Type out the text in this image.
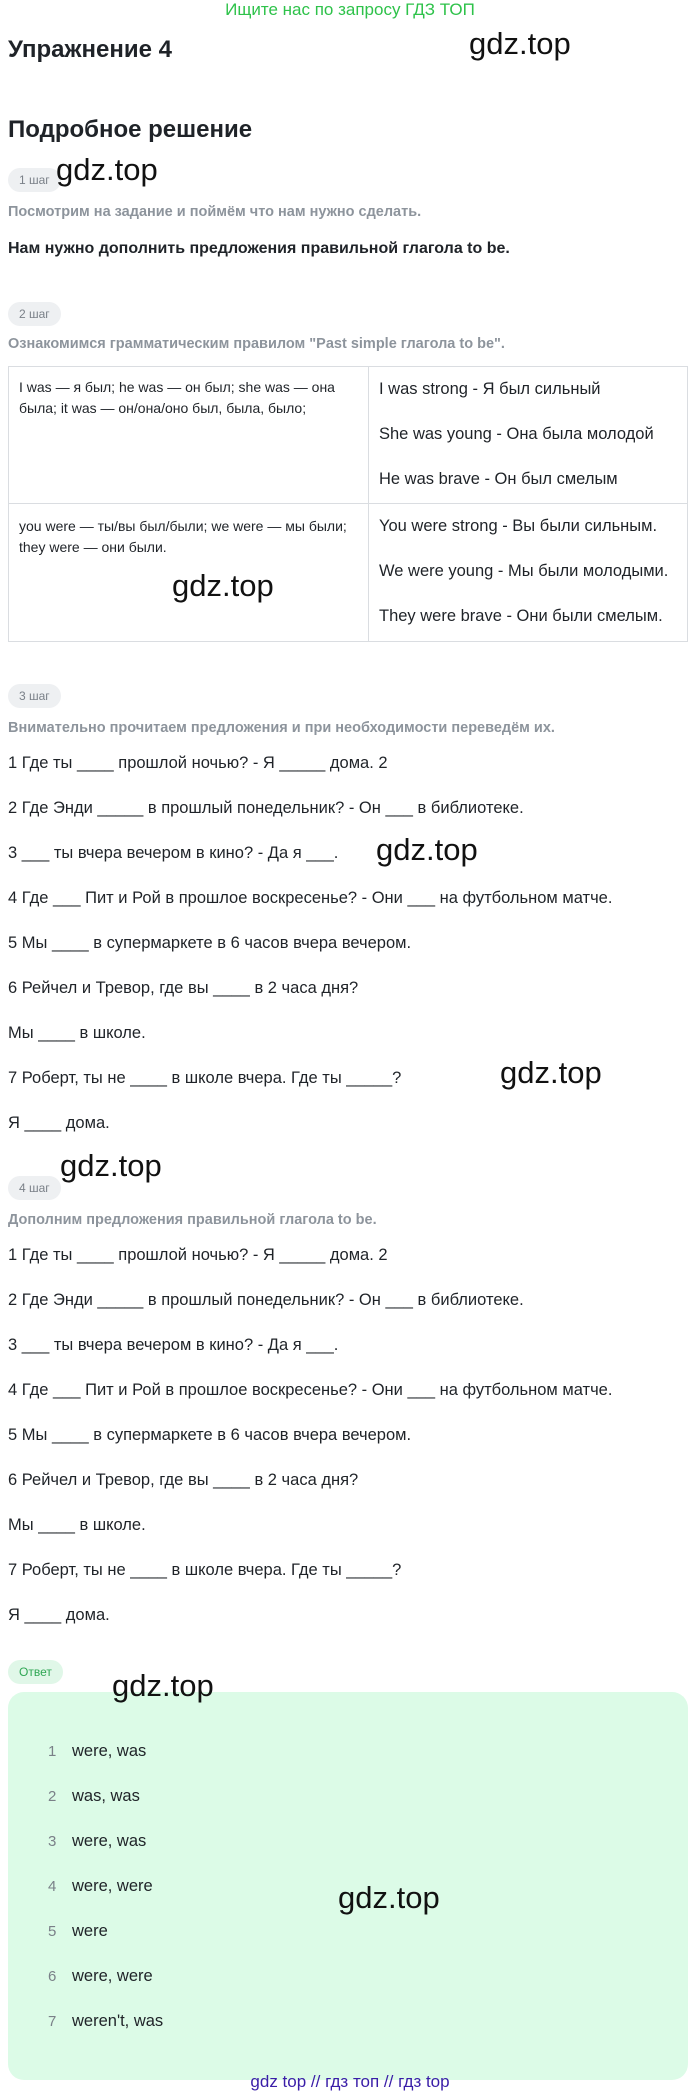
Ищите нас по запросу ГДЗ ТОП
Упражнение 4	gdz.top
Подробное решение
1 шаг gdz.top
Посмотрим на задание и поймём что нам нужно сделать.
Нам нужно дополнить предложения правильной глагола to be.
2 шаг
Ознакомимся грамматическим правилом "Past simple глагола to be".
I was — я был; he was — он был; she was — она была; it was — он/она/оно был, была, было;	I was strong - Я был сильный
She was young - Она была молодой
He was brave - Он был смелым

you were — ты/вы был/были; we were — мы были; they were — они были.	You were strong - Вы были сильным.
We were young - Мы были молодыми.
They were brave - Они были смелым.
gdz.top
3 шаг
Внимательно прочитаем предложения и при необходимости переведём их.
1 Где ты ____ прошлой ночью? - Я _____ дома. 2
2 Где Энди _____ в прошлый понедельник? - Он ___ в библиотеке.
3 ___ ты вчера вечером в кино? - Да я ___. gdz.top
4 Где ___ Пит и Рой в прошлое воскресенье? - Они ___ на футбольном матче.
5 Мы ____ в супермаркете в 6 часов вчера вечером.
6 Рейчел и Тревор, где вы ____ в 2 часа дня?
Мы ____ в школе.
7 Роберт, ты не ____ в школе вчера. Где ты _____?	gdz.top
Я ____ дома.
gdz.top
4 шаг
Дополним предложения правильной глагола to be.
1 Где ты ____ прошлой ночью? - Я _____ дома. 2
2 Где Энди _____ в прошлый понедельник? - Он ___ в библиотеке.
3 ___ ты вчера вечером в кино? - Да я ___.
4 Где ___ Пит и Рой в прошлое воскресенье? - Они ___ на футбольном матче.
5 Мы ____ в супермаркете в 6 часов вчера вечером.
6 Рейчел и Тревор, где вы ____ в 2 часа дня?
Мы ____ в школе.
7 Роберт, ты не ____ в школе вчера. Где ты _____?
Я ____ дома.
Ответ
1 were, was
2 was, was
3 were, was
4 were, were
5 were
6 were, were
7 weren't, was
gdz.top
gdz.top
gdz top // гдз топ // гдз top
